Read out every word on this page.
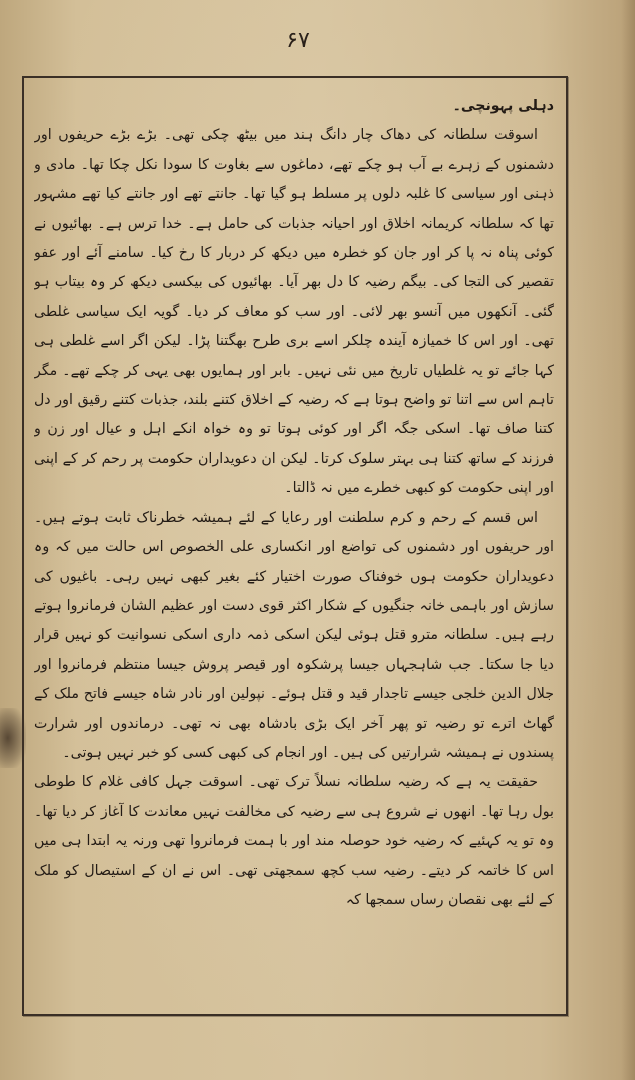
۶۷

دہلی پہونچی۔

اسوقت سلطانہ کی دھاک چار دانگ ہند میں بیٹھ چکی تھی۔ بڑے بڑے حریفوں اور دشمنوں کے زہرے بے آب ہو چکے تھے، دماغوں سے بغاوت کا سودا نکل چکا تھا۔ مادی و ذہنی اور سیاسی کا غلبہ دلوں پر مسلط ہو گیا تھا۔ جانتے تھے اور جانتے کیا تھے مشہور تھا کہ سلطانہ کریمانہ اخلاق اور احیانہ جذبات کی حامل ہے۔ خدا ترس ہے۔ بھائیوں نے کوئی پناہ نہ پا کر اور جان کو خطرہ میں دیکھ کر دربار کا رخ کیا۔ سامنے آئے اور عفو تقصیر کی التجا کی۔ بیگم رضیہ کا دل بھر آیا۔ بھائیوں کی بیکسی دیکھ کر وہ بیتاب ہو گئی۔ آنکھوں میں آنسو بھر لائی۔ اور سب کو معاف کر دیا۔ گویہ ایک سیاسی غلطی تھی۔ اور اس کا خمیازہ آیندہ چلکر اسے بری طرح بھگتنا پڑا۔ لیکن اگر اسے غلطی ہی کہا جائے تو یہ غلطیاں تاریخ میں نئی نہیں۔ بابر اور ہمایوں بھی یہی کر چکے تھے۔ مگر تاہم اس سے اتنا تو واضح ہوتا ہے کہ رضیہ کے اخلاق کتنے بلند، جذبات کتنے رقیق اور دل کتنا صاف تھا۔ اسکی جگہ اگر اور کوئی ہوتا تو وہ خواہ انکے اہل و عیال اور زن و فرزند کے ساتھ کتنا ہی بہتر سلوک کرتا۔ لیکن ان دعویداران حکومت پر رحم کر کے اپنی اور اپنی حکومت کو کبھی خطرے میں نہ ڈالتا۔

اس قسم کے رحم و کرم سلطنت اور رعایا کے لئے ہمیشہ خطرناک ثابت ہوتے ہیں۔ اور حریفوں اور دشمنوں کی تواضع اور انکساری علی الخصوص اس حالت میں کہ وہ دعویداران حکومت ہوں خوفناک صورت اختیار کئے بغیر کبھی نہیں رہی۔ باغیوں کی سازش اور باہمی خانہ جنگیوں کے شکار اکثر قوی دست اور عظیم الشان فرمانروا ہوتے رہے ہیں۔ سلطانہ مترو قتل ہوئی لیکن اسکی ذمہ داری اسکی نسوانیت کو نہیں قرار دیا جا سکتا۔ جب شاہجہاں جیسا پرشکوہ اور قیصر پروش جیسا منتظم فرمانروا اور جلال الدین خلجی جیسے تاجدار قید و قتل ہوئے۔ نپولین اور نادر شاہ جیسے فاتح ملک کے گھاٹ اترے تو رضیہ تو پھر آخر ایک بڑی بادشاہ بھی نہ تھی۔ درماندوں اور شرارت پسندوں نے ہمیشہ شرارتیں کی ہیں۔ اور انجام کی کبھی کسی کو خبر نہیں ہوتی۔

حقیقت یہ ہے کہ رضیہ سلطانہ نسلاً ترک تھی۔ اسوقت جہل کافی غلام کا طوطی بول رہا تھا۔ انھوں نے شروع ہی سے رضیہ کی مخالفت نہیں معاندت کا آغاز کر دیا تھا۔ وہ تو یہ کہئیے کہ رضیہ خود حوصلہ مند اور با ہمت فرمانروا تھی ورنہ یہ ابتدا ہی میں اس کا خاتمہ کر دیتے۔ رضیہ سب کچھ سمجھتی تھی۔ اس نے ان کے استیصال کو ملک کے لئے بھی نقصان رساں سمجھا کہ
